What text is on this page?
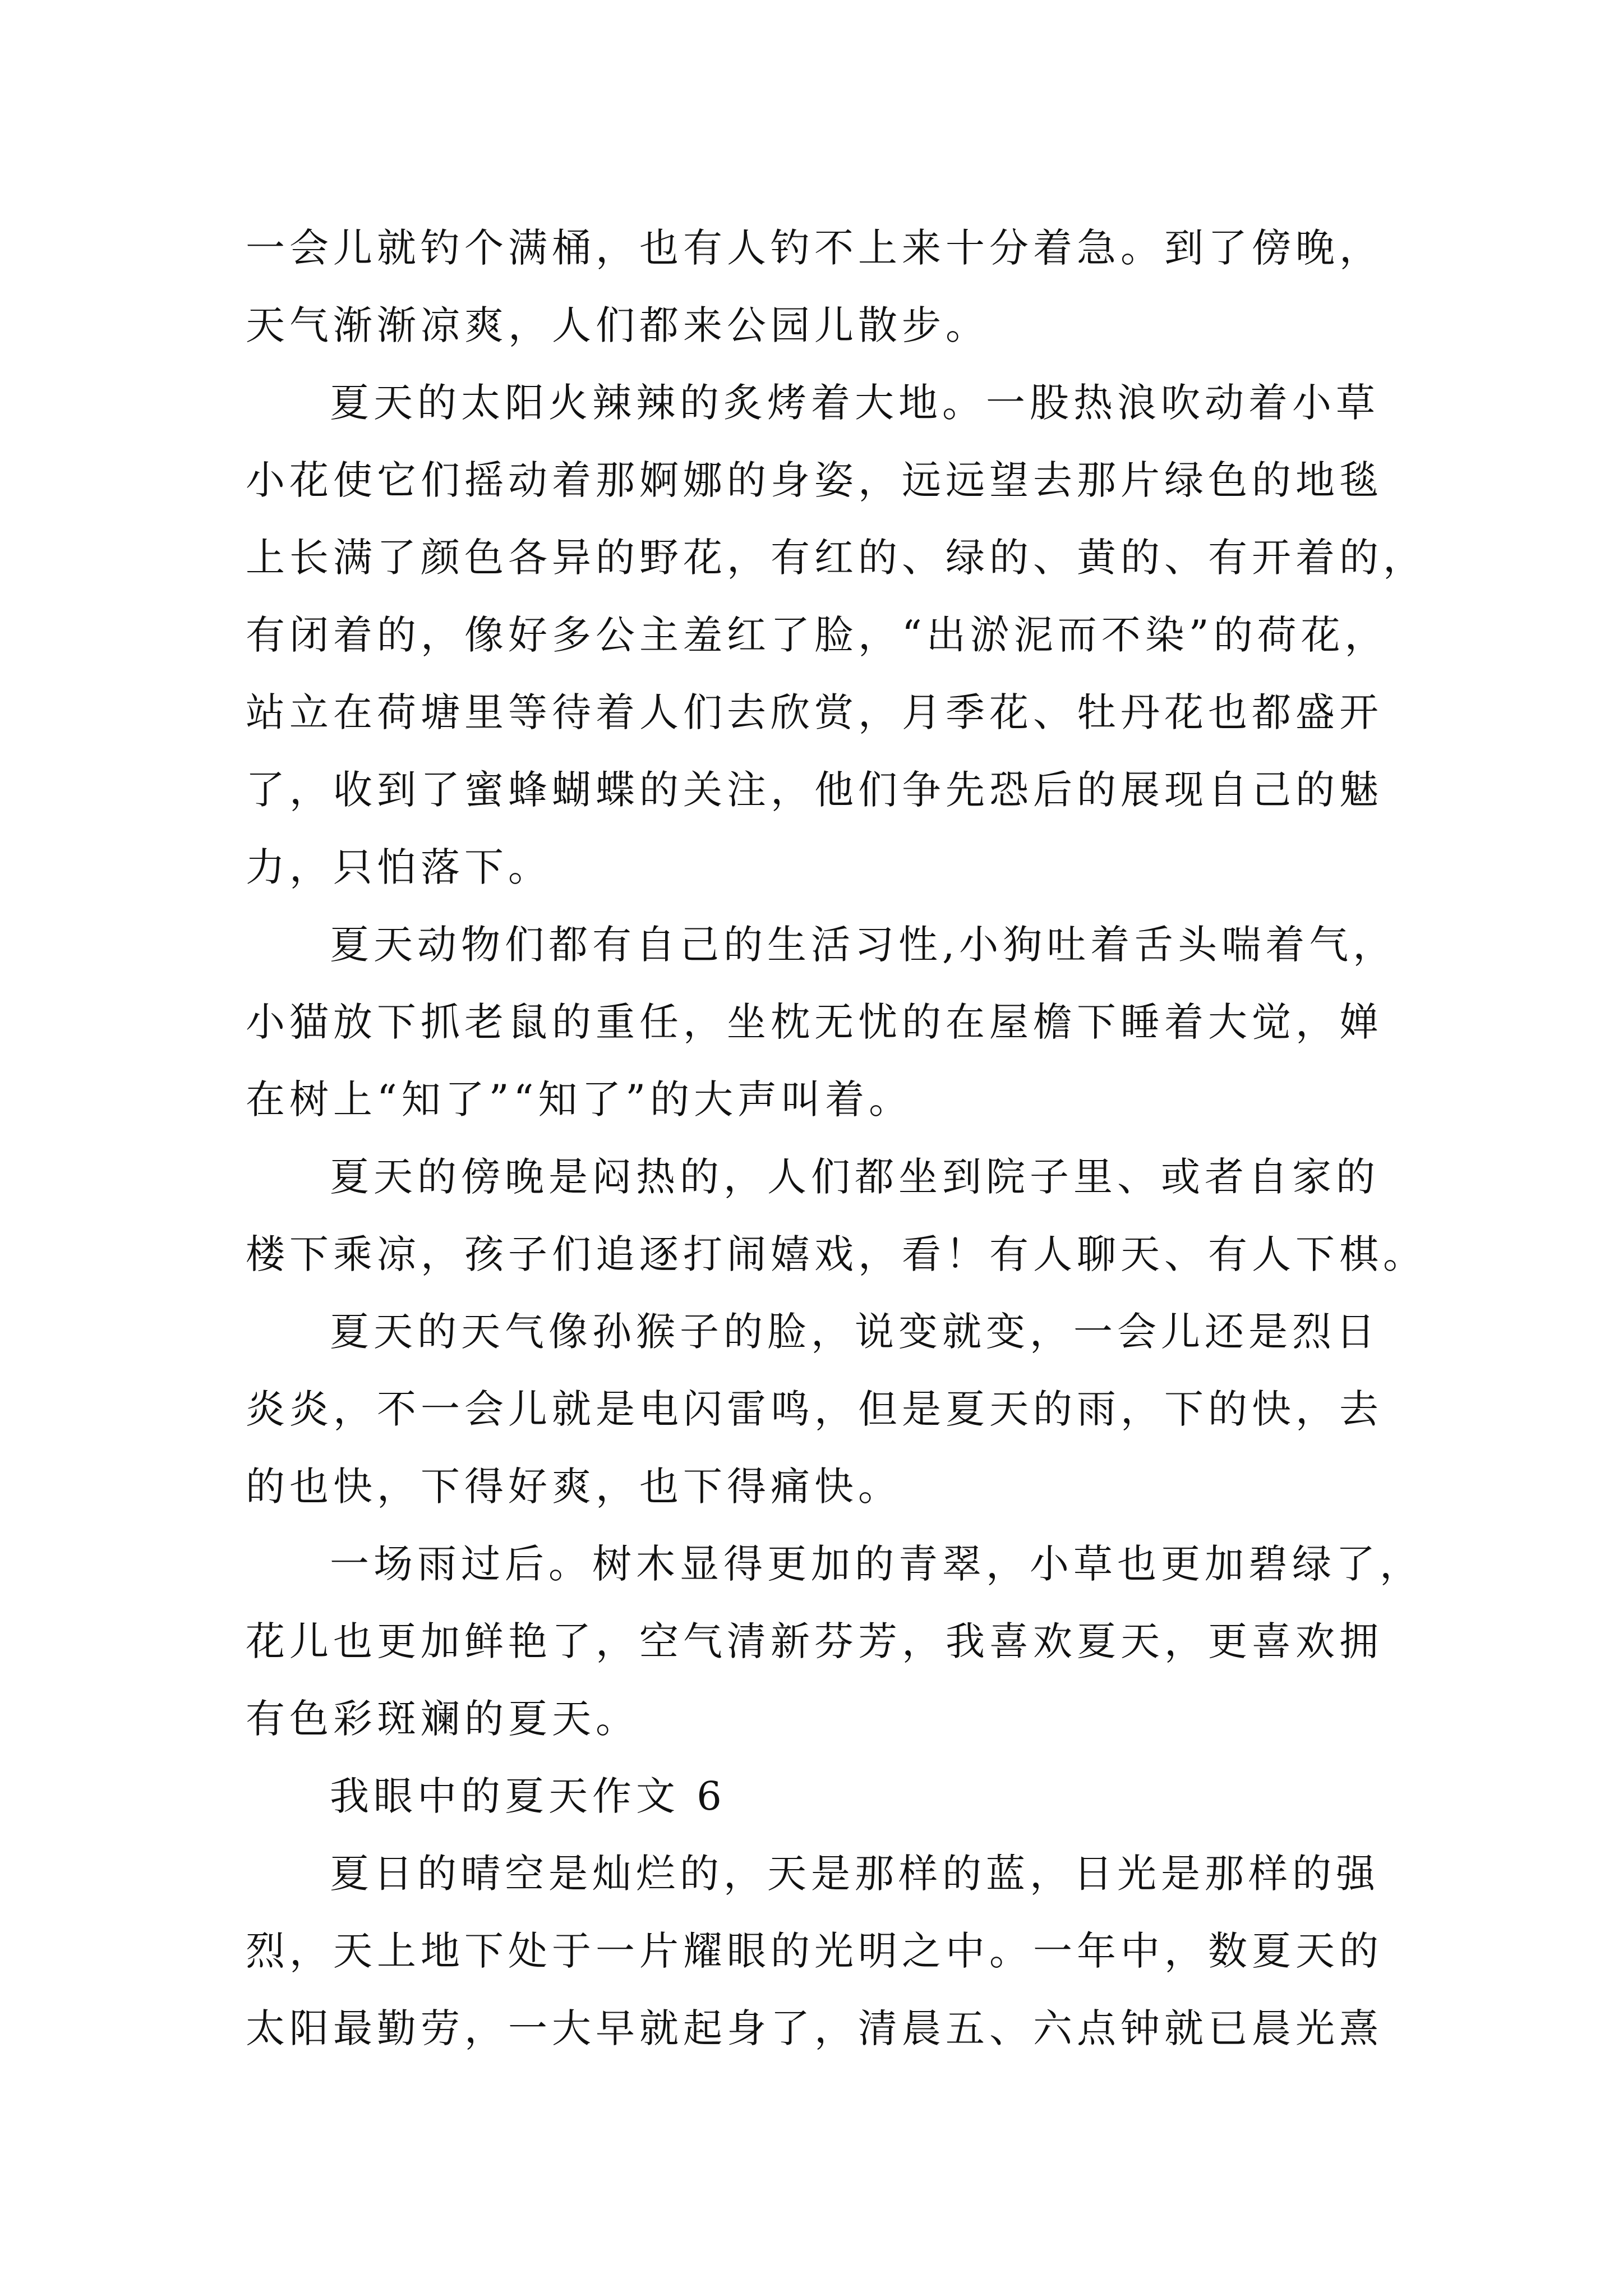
一会儿就钓个满桶，也有人钓不上来十分着急。到了傍晚，
天气渐渐凉爽，人们都来公园儿散步。
夏天的太阳火辣辣的炙烤着大地。一股热浪吹动着小草
小花使它们摇动着那婀娜的身姿，远远望去那片绿色的地毯
上长满了颜色各异的野花，有红的、绿的、黄的、有开着的，
有闭着的，像好多公主羞红了脸，“出淤泥而不染”的荷花，
站立在荷塘里等待着人们去欣赏，月季花、牡丹花也都盛开
了，收到了蜜蜂蝴蝶的关注，他们争先恐后的展现自己的魅
力，只怕落下。
夏天动物们都有自己的生活习性,小狗吐着舌头喘着气，
小猫放下抓老鼠的重任，坐枕无忧的在屋檐下睡着大觉，婵
在树上“知了”“知了”的大声叫着。
夏天的傍晚是闷热的，人们都坐到院子里、或者自家的
楼下乘凉，孩子们追逐打闹嬉戏，看！有人聊天、有人下棋。
夏天的天气像孙猴子的脸，说变就变，一会儿还是烈日
炎炎，不一会儿就是电闪雷鸣，但是夏天的雨，下的快，去
的也快，下得好爽，也下得痛快。
一场雨过后。树木显得更加的青翠，小草也更加碧绿了，
花儿也更加鲜艳了，空气清新芬芳，我喜欢夏天，更喜欢拥
有色彩斑斓的夏天。
我眼中的夏天作文 6
夏日的晴空是灿烂的，天是那样的蓝，日光是那样的强
烈，天上地下处于一片耀眼的光明之中。一年中，数夏天的
太阳最勤劳，一大早就起身了，清晨五、六点钟就已晨光熹
